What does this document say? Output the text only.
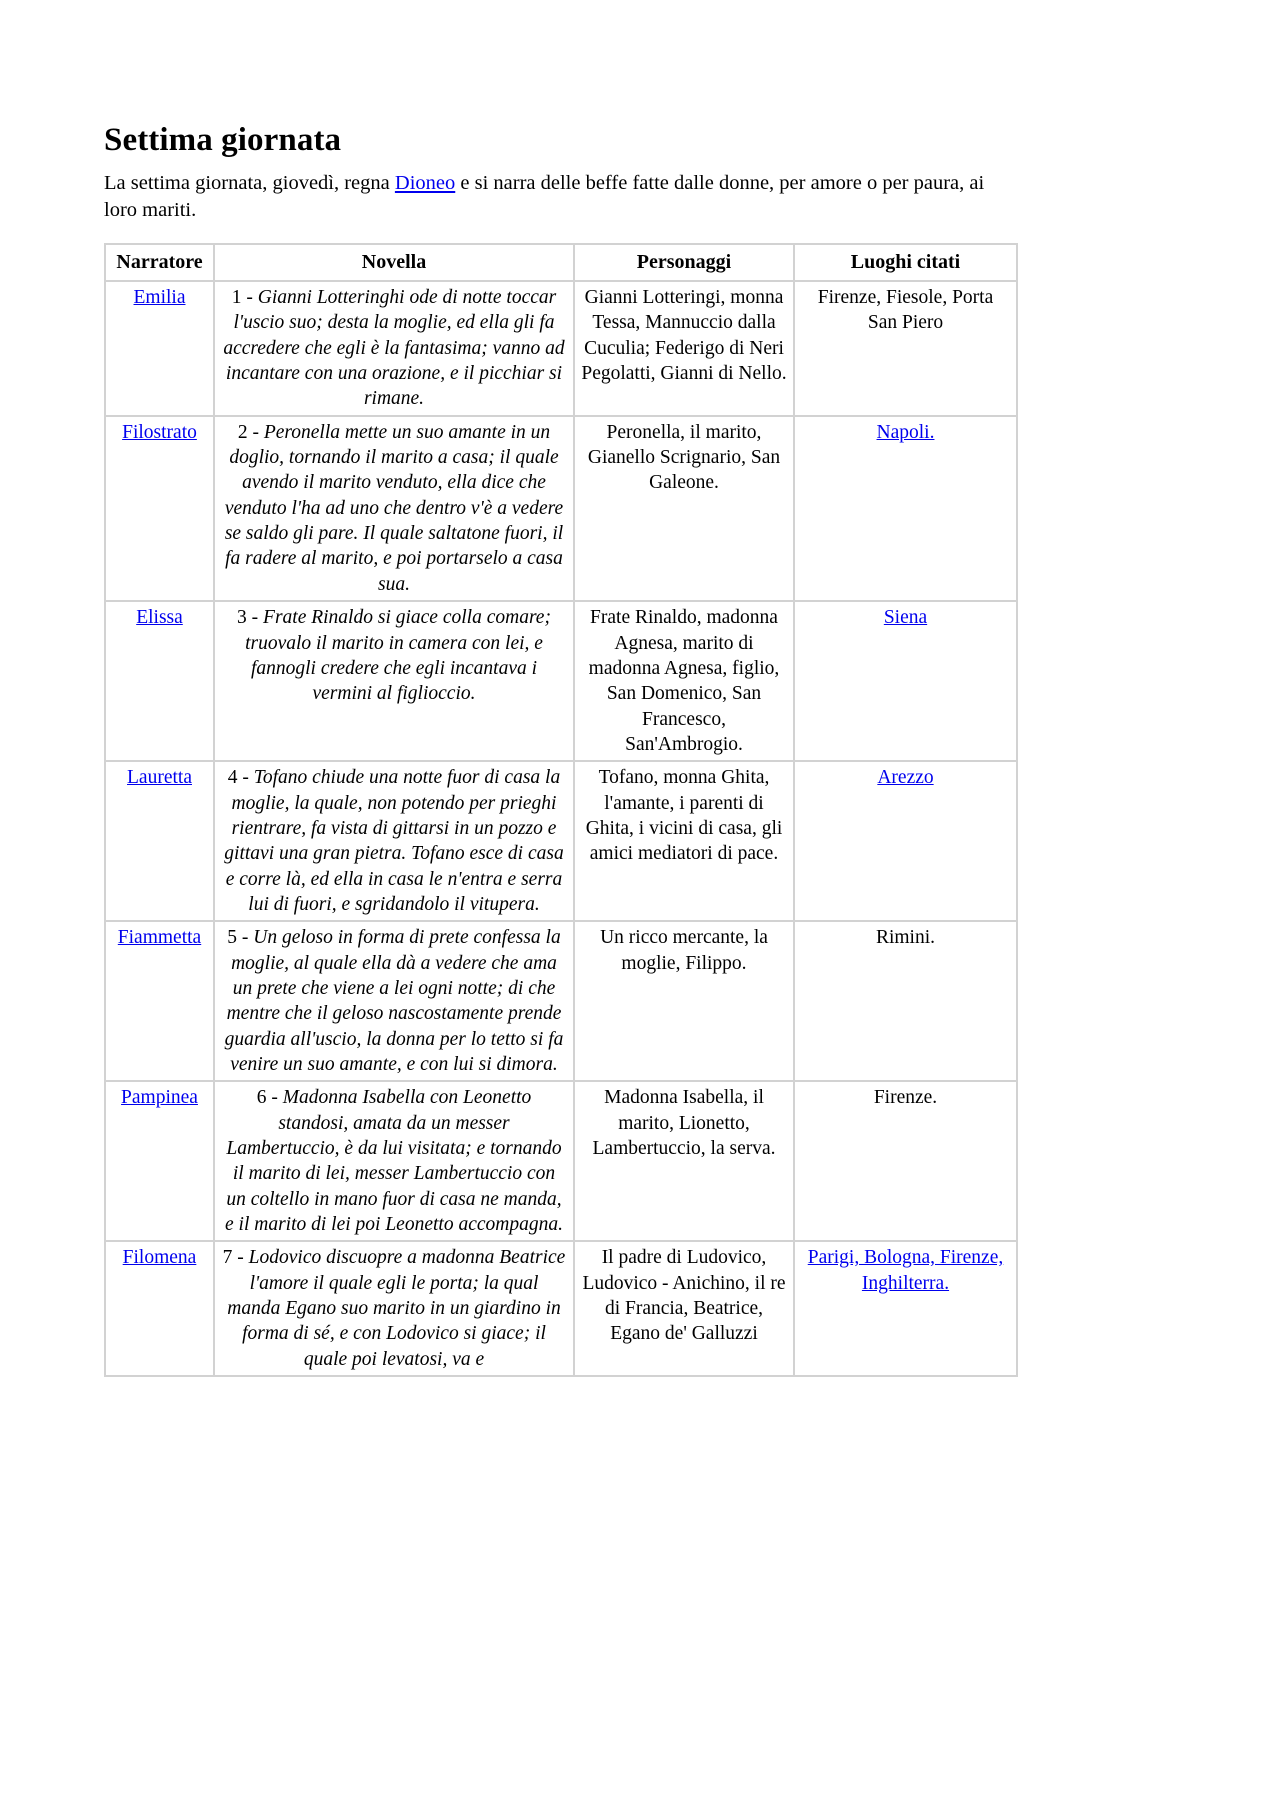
Settima giornata

La settima giornata, giovedì, regna Dioneo e si narra delle beffe fatte dalle donne, per amore o per paura, ai loro mariti.

Narratore	Novella	Personaggi	Luoghi citati
Emilia	1 - Gianni Lotteringhi ode di notte toccar l'uscio suo; desta la moglie, ed ella gli fa accredere che egli è la fantasima; vanno ad incantare con una orazione, e il picchiar si rimane.	Gianni Lotteringi, monna Tessa, Mannuccio dalla Cuculia; Federigo di Neri Pegolatti, Gianni di Nello.	Firenze, Fiesole, Porta San Piero
Filostrato	2 - Peronella mette un suo amante in un doglio, tornando il marito a casa; il quale avendo il marito venduto, ella dice che venduto l'ha ad uno che dentro v'è a vedere se saldo gli pare. Il quale saltatone fuori, il fa radere al marito, e poi portarselo a casa sua.	Peronella, il marito, Gianello Scrignario, San Galeone.	Napoli.
Elissa	3 - Frate Rinaldo si giace colla comare; truovalo il marito in camera con lei, e fannogli credere che egli incantava i vermini al figlioccio.	Frate Rinaldo, madonna Agnesa, marito di madonna Agnesa, figlio, San Domenico, San Francesco, San'Ambrogio.	Siena
Lauretta	4 - Tofano chiude una notte fuor di casa la moglie, la quale, non potendo per prieghi rientrare, fa vista di gittarsi in un pozzo e gittavi una gran pietra. Tofano esce di casa e corre là, ed ella in casa le n'entra e serra lui di fuori, e sgridandolo il vitupera.	Tofano, monna Ghita, l'amante, i parenti di Ghita, i vicini di casa, gli amici mediatori di pace.	Arezzo
Fiammetta	5 - Un geloso in forma di prete confessa la moglie, al quale ella dà a vedere che ama un prete che viene a lei ogni notte; di che mentre che il geloso nascostamente prende guardia all'uscio, la donna per lo tetto si fa venire un suo amante, e con lui si dimora.	Un ricco mercante, la moglie, Filippo.	Rimini.
Pampinea	6 - Madonna Isabella con Leonetto standosi, amata da un messer Lambertuccio, è da lui visitata; e tornando il marito di lei, messer Lambertuccio con un coltello in mano fuor di casa ne manda, e il marito di lei poi Leonetto accompagna.	Madonna Isabella, il marito, Lionetto, Lambertuccio, la serva.	Firenze.
Filomena	7 - Lodovico discuopre a madonna Beatrice l'amore il quale egli le porta; la qual manda Egano suo marito in un giardino in forma di sé, e con Lodovico si giace; il quale poi levatosi, va e	Il padre di Ludovico, Ludovico - Anichino, il re di Francia, Beatrice, Egano de' Galluzzi	Parigi, Bologna, Firenze, Inghilterra.
